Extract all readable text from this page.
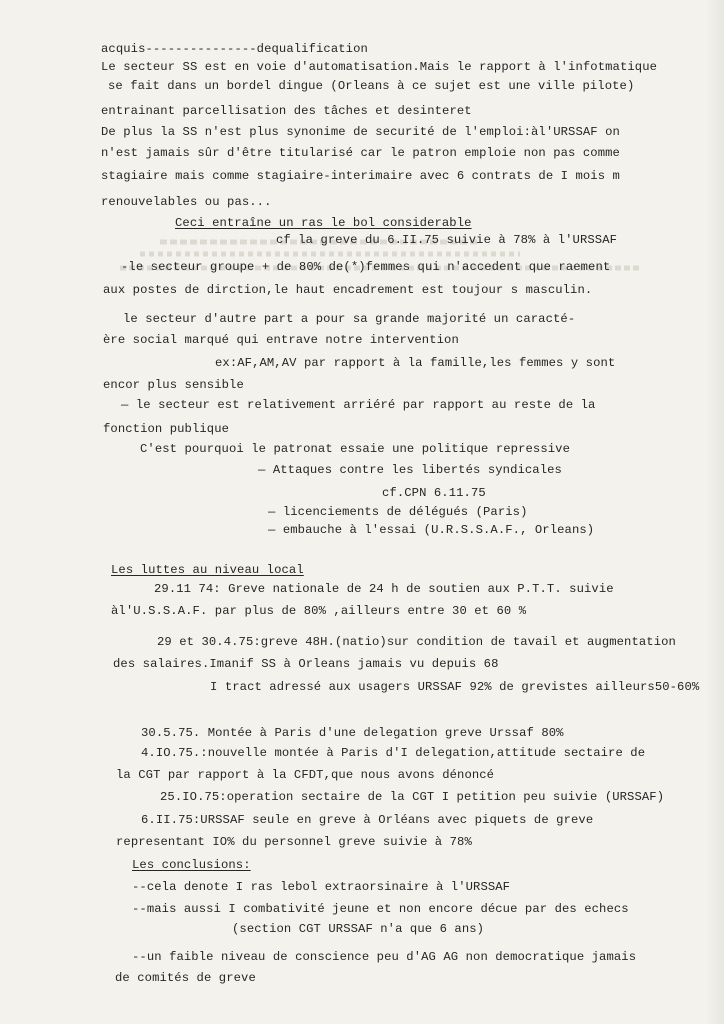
acquis---------------dequalification
Le secteur SS est en voie d'automatisation.Mais le rapport à l'infotmatique
se fait dans un bordel dingue (Orleans à ce sujet est une ville pilote)
entrainant parcellisation des tâches et desinteret
De plus la SS n'est plus synonime de securité de l'emploi:àl'URSSAF on
n'est jamais sûr d'être titularisé car le patron emploie non pas comme
stagiaire mais comme stagiaire-interimaire avec 6 contrats de I mois m
renouvelables ou pas...
Ceci entraîne un ras le bol considerable
cf la greve du 6.II.75 suivie à 78% à l'URSSAF
-le secteur groupe + de 80% de(*)femmes qui n'accedent que raement
aux postes de dirction,le haut encadrement est toujour s masculin.
le secteur d'autre part a pour sa grande majorité un caracté-
ère social marqué qui entrave notre intervention
ex:AF,AM,AV par rapport à la famille,les femmes y sont
encor plus sensible
— le secteur est relativement arriéré par rapport au reste de la
fonction publique
C'est pourquoi le patronat essaie une politique repressive
— Attaques contre les libertés syndicales
cf.CPN 6.11.75
— licenciements de délégués (Paris)
— embauche à l'essai (U.R.S.S.A.F., Orleans)
Les luttes au niveau local
29.11 74: Greve nationale de 24 h de soutien aux P.T.T. suivie
àl'U.S.S.A.F. par plus de 80% ,ailleurs entre 30 et 60 %
29 et 30.4.75:greve 48H.(natio)sur condition de tavail et augmentation
des salaires.Imanif SS à Orleans jamais vu depuis 68
I tract adressé aux usagers URSSAF 92% de grevistes ailleurs50-60%
30.5.75. Montée à Paris d'une delegation greve Urssaf 80%
4.IO.75.:nouvelle montée à Paris d'I delegation,attitude sectaire de
la CGT par rapport à la CFDT,que nous avons dénoncé
25.IO.75:operation sectaire de la CGT I petition peu suivie (URSSAF)
6.II.75:URSSAF seule en greve à Orléans avec piquets de greve
representant IO% du personnel greve suivie à 78%
Les conclusions:
--cela denote I ras lebol extraorsinaire à l'URSSAF
--mais aussi I combativité jeune et non encore décue par des echecs
(section CGT URSSAF n'a que 6 ans)
--un faible niveau de conscience peu d'AG AG non democratique jamais
de comités de greve
